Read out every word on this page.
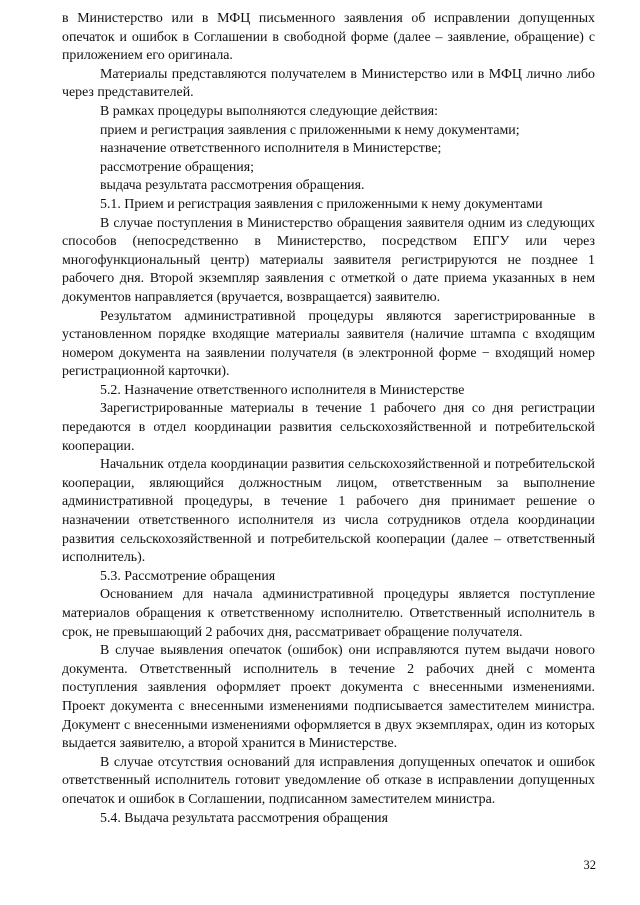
в Министерство или в МФЦ письменного заявления об исправлении допущенных опечаток и ошибок в Соглашении в свободной форме (далее – заявление, обращение) с приложением его оригинала.

Материалы представляются получателем в Министерство или в МФЦ лично либо через представителей.

В рамках процедуры выполняются следующие действия:

прием и регистрация заявления с приложенными к нему документами;

назначение ответственного исполнителя в Министерстве;

рассмотрение обращения;

выдача результата рассмотрения обращения.

5.1. Прием и регистрация заявления с приложенными к нему документами

В случае поступления в Министерство обращения заявителя одним из следующих способов (непосредственно в Министерство, посредством ЕПГУ или через многофункциональный центр) материалы заявителя регистрируются не позднее 1 рабочего дня. Второй экземпляр заявления с отметкой о дате приема указанных в нем документов направляется (вручается, возвращается) заявителю.

Результатом административной процедуры являются зарегистрированные в установленном порядке входящие материалы заявителя (наличие штампа с входящим номером документа на заявлении получателя (в электронной форме − входящий номер регистрационной карточки).

5.2. Назначение ответственного исполнителя в Министерстве

Зарегистрированные материалы в течение 1 рабочего дня со дня регистрации передаются в отдел координации развития сельскохозяйственной и потребительской кооперации.

Начальник отдела координации развития сельскохозяйственной и потребительской кооперации, являющийся должностным лицом, ответственным за выполнение административной процедуры, в течение 1 рабочего дня принимает решение о назначении ответственного исполнителя из числа сотрудников отдела координации развития сельскохозяйственной и потребительской кооперации (далее – ответственный исполнитель).

5.3. Рассмотрение обращения

Основанием для начала административной процедуры является поступление материалов обращения к ответственному исполнителю. Ответственный исполнитель в срок, не превышающий 2 рабочих дня, рассматривает обращение получателя.

В случае выявления опечаток (ошибок) они исправляются путем выдачи нового документа. Ответственный исполнитель в течение 2 рабочих дней с момента поступления заявления оформляет проект документа с внесенными изменениями. Проект документа с внесенными изменениями подписывается заместителем министра. Документ с внесенными изменениями оформляется в двух экземплярах, один из которых выдается заявителю, а второй хранится в Министерстве.

В случае отсутствия оснований для исправления допущенных опечаток и ошибок ответственный исполнитель готовит уведомление об отказе в исправлении допущенных опечаток и ошибок в Соглашении, подписанном заместителем министра.

5.4. Выдача результата рассмотрения обращения

32
